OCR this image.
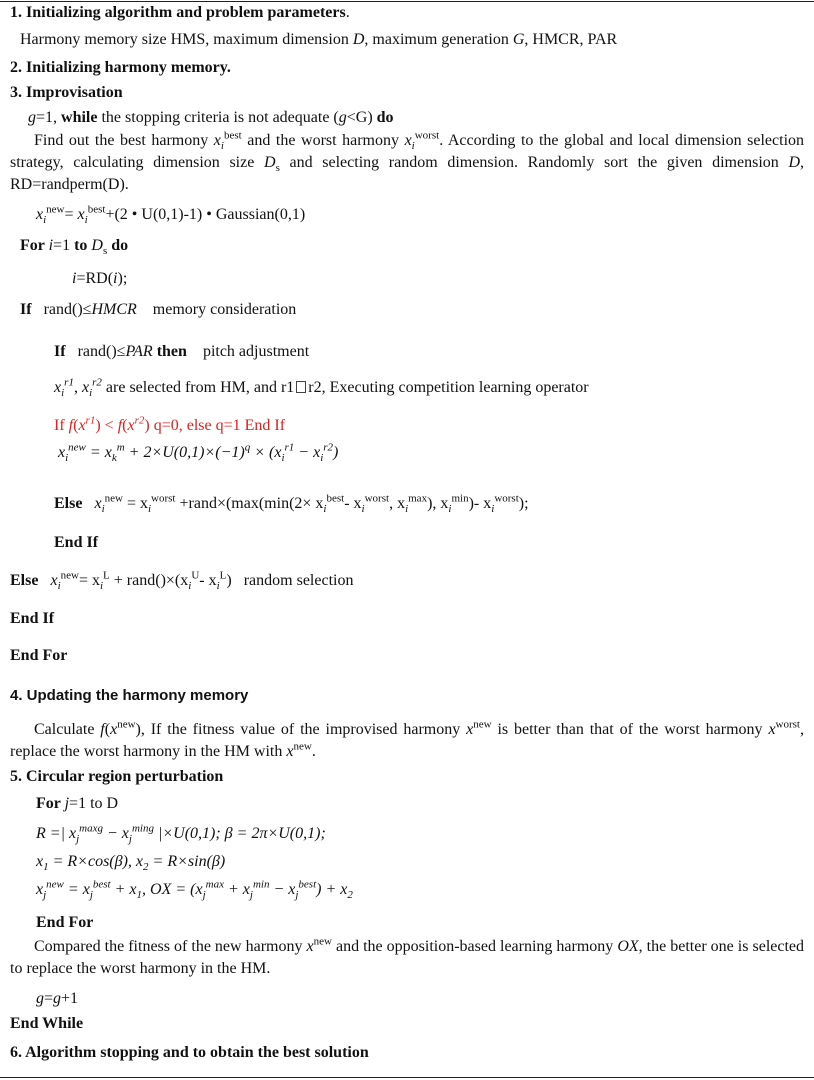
1. Initializing algorithm and problem parameters.
Harmony memory size HMS, maximum dimension D, maximum generation G, HMCR, PAR
2. Initializing harmony memory.
3. Improvisation
g=1, while the stopping criteria is not adequate (g<G) do
Find out the best harmony $x_i^{best}$ and the worst harmony $x_i^{worst}$. According to the global and local dimension selection strategy, calculating dimension size $D_s$ and selecting random dimension. Randomly sort the given dimension D, RD=randperm(D).
$x_i^{new}= x_i^{best}+(2$ • U(0,1)-1) • Gaussian(0,1)
For i=1 to $D_s$ do
i=RD(i);
If rand()≤HMCR memory consideration
If rand()≤PAR then pitch adjustment
$x_i^{r1}$, $x_i^{r2}$ are selected from HM, and r1 r2, Executing competition learning operator
If $f(x^{r1}) < f(x^{r2})$ q=0, else q=1 End If
$x_i^{new} = x_k^m + 2\times U(0,1)\times(-1)^q \times (x_i^{r1} - x_i^{r2})$
Else $x_i^{new} = x_i^{worst}$ +rand×(max(min(2× $x_i^{best}-$ $x_i^{worst}$, $x_i^{max}$), $x_i^{min})-$ $x_i^{worst}$);
End If
Else $x_i^{new}= x_i^L$ + $rand()\times(x_i^U-$ $x_i^L$) random selection
End If
End For
4. Updating the harmony memory
Calculate $f(x^{new})$, If the fitness value of the improvised harmony $x^{new}$ is better than that of the worst harmony $x^{worst}$, replace the worst harmony in the HM with $x^{new}$.
5. Circular region perturbation
For j=1 to D
R =| $x_j^{maxg} - x_j^{ming}$ |×U(0,1); β = 2π×U(0,1);
$x_1 = R\times\cos(\beta)$, $x_2 = R\times\sin(\beta)$
$x_j^{new} = x_j^{best} + x_1$, OX = $(x_j^{max} + x_j^{min} - x_j^{best}) + x_2$
End For
Compared the fitness of the new harmony $x^{new}$ and the opposition-based learning harmony OX, the better one is selected to replace the worst harmony in the HM.
g=g+1
End While
6. Algorithm stopping and to obtain the best solution
